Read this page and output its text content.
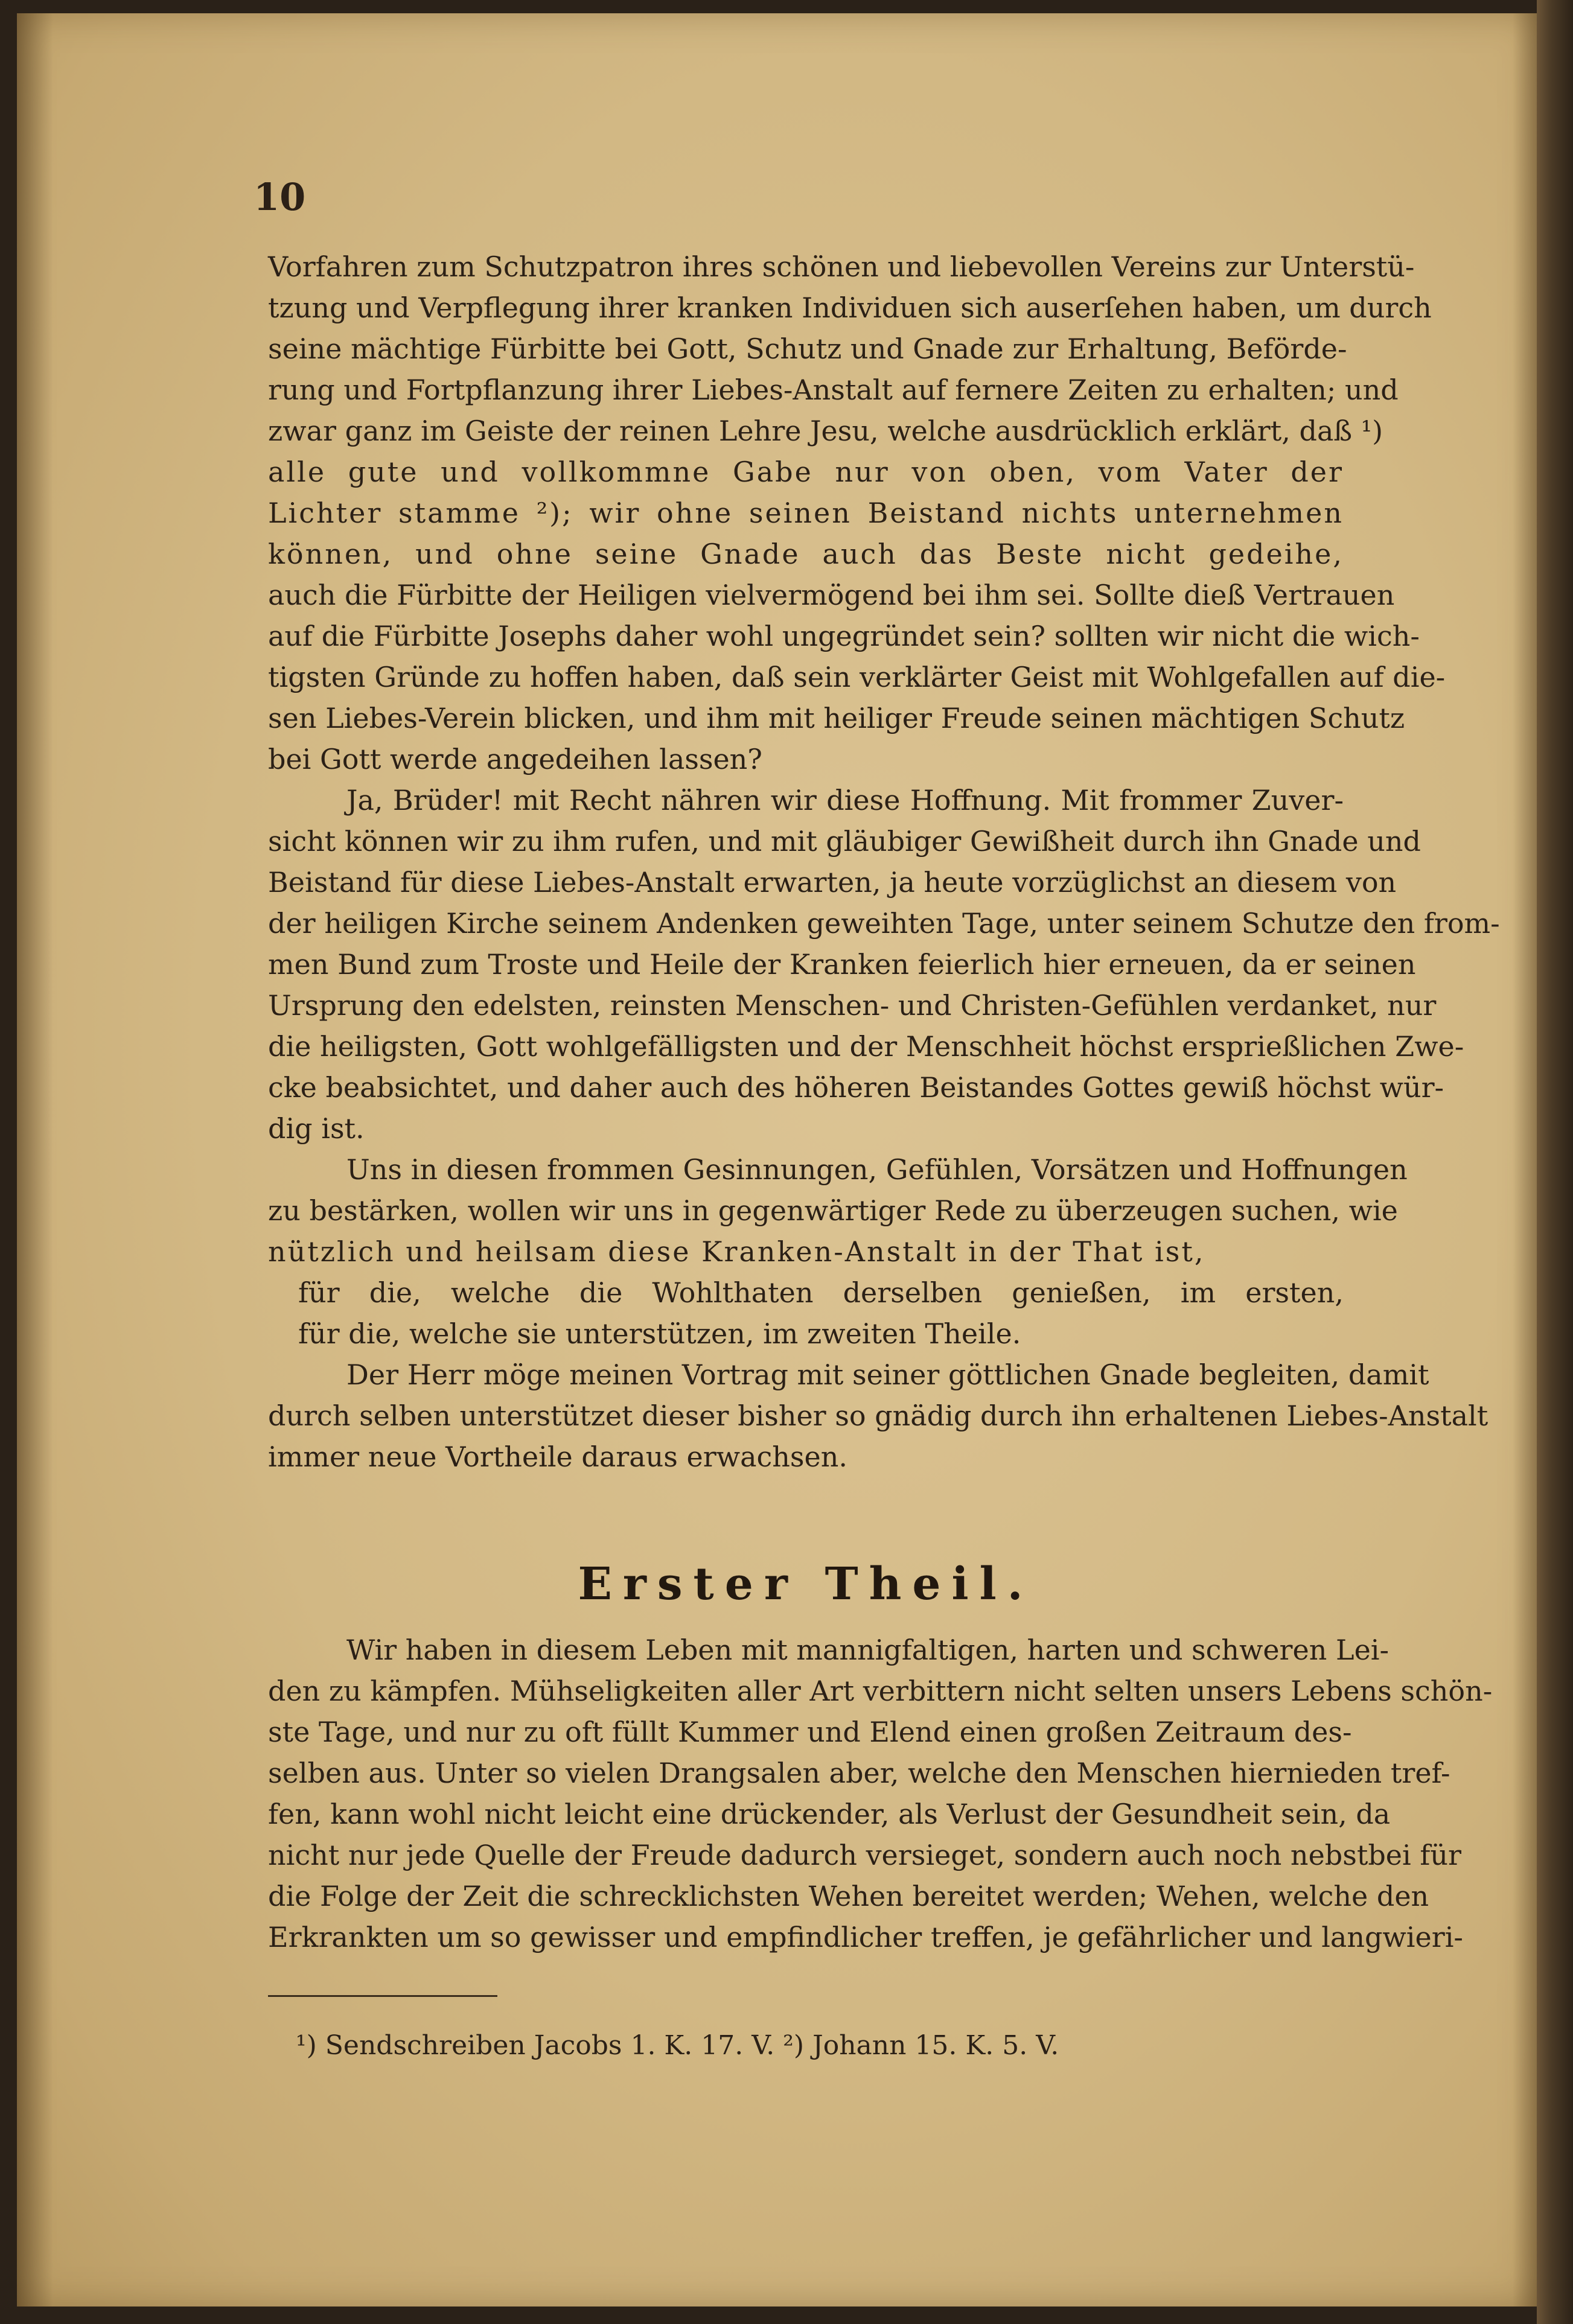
10
Vorfahren zum Schutzpatron ihres schönen und liebevollen Vereins zur Unterstü-
tzung und Verpflegung ihrer kranken Individuen sich auserſehen haben, um durch
seine mächtige Fürbitte bei Gott, Schutz und Gnade zur Erhaltung, Beförde-
rung und Fortpflanzung ihrer Liebes-Anstalt auf fernere Zeiten zu erhalten; und
zwar ganz im Geiste der reinen Lehre Jesu, welche ausdrücklich erklärt, daß ¹)
alle gute und vollkommne Gabe nur von oben, vom Vater der
Lichter stamme ²); wir ohne seinen Beistand nichts unternehmen
können, und ohne seine Gnade auch das Beste nicht gedeihe,
auch die Fürbitte der Heiligen vielvermögend bei ihm sei. Sollte dieß Vertrauen
auf die Fürbitte Josephs daher wohl ungegründet sein? sollten wir nicht die wich-
tigsten Gründe zu hoffen haben, daß sein verklärter Geist mit Wohlgefallen auf die-
sen Liebes-Verein blicken, und ihm mit heiliger Freude seinen mächtigen Schutz
bei Gott werde angedeihen lassen?
Ja, Brüder! mit Recht nähren wir diese Hoffnung. Mit frommer Zuver-
sicht können wir zu ihm rufen, und mit gläubiger Gewißheit durch ihn Gnade und
Beistand für diese Liebes-Anstalt erwarten, ja heute vorzüglichst an diesem von
der heiligen Kirche seinem Andenken geweihten Tage, unter seinem Schutze den from-
men Bund zum Troste und Heile der Kranken feierlich hier erneuen, da er seinen
Ursprung den edelsten, reinsten Menschen- und Christen-Gefühlen verdanket, nur
die heiligsten, Gott wohlgefälligsten und der Menschheit höchst ersprießlichen Zwe-
cke beabsichtet, und daher auch des höheren Beistandes Gottes gewiß höchst wür-
dig ist.
Uns in diesen frommen Gesinnungen, Gefühlen, Vorsätzen und Hoffnungen
zu bestärken, wollen wir uns in gegenwärtiger Rede zu überzeugen suchen, wie
nützlich und heilsam diese Kranken-Anstalt in der That ist,
für die, welche die Wohlthaten derselben genießen, im ersten,
für die, welche sie unterstützen, im zweiten Theile.
Der Herr möge meinen Vortrag mit seiner göttlichen Gnade begleiten, damit
durch selben unterstützet dieser bisher so gnädig durch ihn erhaltenen Liebes-Anstalt
immer neue Vortheile daraus erwachsen.
Erster Theil.
Wir haben in diesem Leben mit mannigfaltigen, harten und schweren Lei-
den zu kämpfen. Mühseligkeiten aller Art verbittern nicht selten unsers Lebens schön-
ste Tage, und nur zu oft füllt Kummer und Elend einen großen Zeitraum des-
selben aus. Unter so vielen Drangsalen aber, welche den Menschen hiernieden tref-
fen, kann wohl nicht leicht eine drückender, als Verlust der Gesundheit sein, da
nicht nur jede Quelle der Freude dadurch versieget, sondern auch noch nebstbei für
die Folge der Zeit die schrecklichsten Wehen bereitet werden; Wehen, welche den
Erkrankten um so gewisser und empfindlicher treffen, je gefährlicher und langwieri-
¹) Sendschreiben Jacobs 1. K. 17. V. ²) Johann 15. K. 5. V.
